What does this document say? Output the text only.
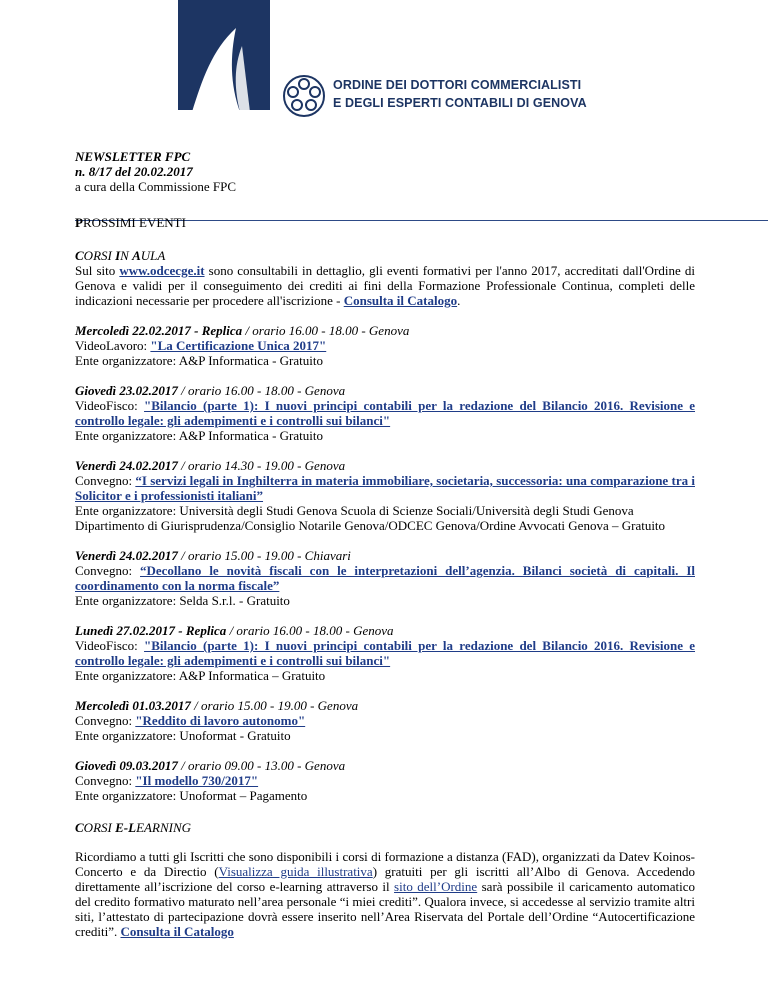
ORDINE DEI DOTTORI COMMERCIALISTI
E DEGLI ESPERTI CONTABILI DI GENOVA

NEWSLETTER FPC

n. 8/17 del 20.02.2017

a cura della Commissione FPC

PROSSIMI EVENTI

CORSI IN AULA

Sul sito www.odcecge.it sono consultabili in dettaglio, gli eventi formativi per l'anno 2017, accreditati dall'Ordine di Genova e validi per il conseguimento dei crediti ai fini della Formazione Professionale Continua, completi delle indicazioni necessarie per procedere all'iscrizione - Consulta il Catalogo.

Mercoledì 22.02.2017 - Replica / orario 16.00 - 18.00 - Genova

VideoLavoro: "La Certificazione Unica 2017"

Ente organizzatore: A&P Informatica - Gratuito

Giovedì 23.02.2017 / orario 16.00 - 18.00 - Genova

VideoFisco: "Bilancio (parte 1): I nuovi principi contabili per la redazione del Bilancio 2016. Revisione e controllo legale: gli adempimenti e i controlli sui bilanci"

Ente organizzatore: A&P Informatica - Gratuito

Venerdì 24.02.2017 / orario 14.30 - 19.00 - Genova

Convegno: “I servizi legali in Inghilterra in materia immobiliare, societaria, successoria: una comparazione tra i Solicitor e i professionisti italiani”

Ente organizzatore: Università degli Studi Genova Scuola di Scienze Sociali/Università degli Studi Genova Dipartimento di Giurisprudenza/Consiglio Notarile Genova/ODCEC Genova/Ordine Avvocati Genova – Gratuito

Venerdì 24.02.2017 / orario 15.00 - 19.00 - Chiavari

Convegno: “Decollano le novità fiscali con le interpretazioni dell’agenzia. Bilanci società di capitali. Il coordinamento con la norma fiscale”

Ente organizzatore: Selda S.r.l. - Gratuito

Lunedì 27.02.2017 - Replica / orario 16.00 - 18.00 - Genova

VideoFisco: "Bilancio (parte 1): I nuovi principi contabili per la redazione del Bilancio 2016. Revisione e controllo legale: gli adempimenti e i controlli sui bilanci"

Ente organizzatore: A&P Informatica – Gratuito

Mercoledì 01.03.2017 / orario 15.00 - 19.00 - Genova

Convegno: "Reddito di lavoro autonomo"

Ente organizzatore: Unoformat - Gratuito

Giovedì 09.03.2017 / orario 09.00 - 13.00 - Genova

Convegno: "Il modello 730/2017"

Ente organizzatore: Unoformat – Pagamento

CORSI E-LEARNING

Ricordiamo a tutti gli Iscritti che sono disponibili i corsi di formazione a distanza (FAD), organizzati da Datev Koinos-Concerto e da Directio (Visualizza guida illustrativa) gratuiti per gli iscritti all’Albo di Genova. Accedendo direttamente all’iscrizione del corso e-learning attraverso il sito dell’Ordine sarà possibile il caricamento automatico del credito formativo maturato nell’area personale “i miei crediti”. Qualora invece, si accedesse al servizio tramite altri siti, l’attestato di partecipazione dovrà essere inserito nell’Area Riservata del Portale dell’Ordine “Autocertificazione crediti”. Consulta il Catalogo
